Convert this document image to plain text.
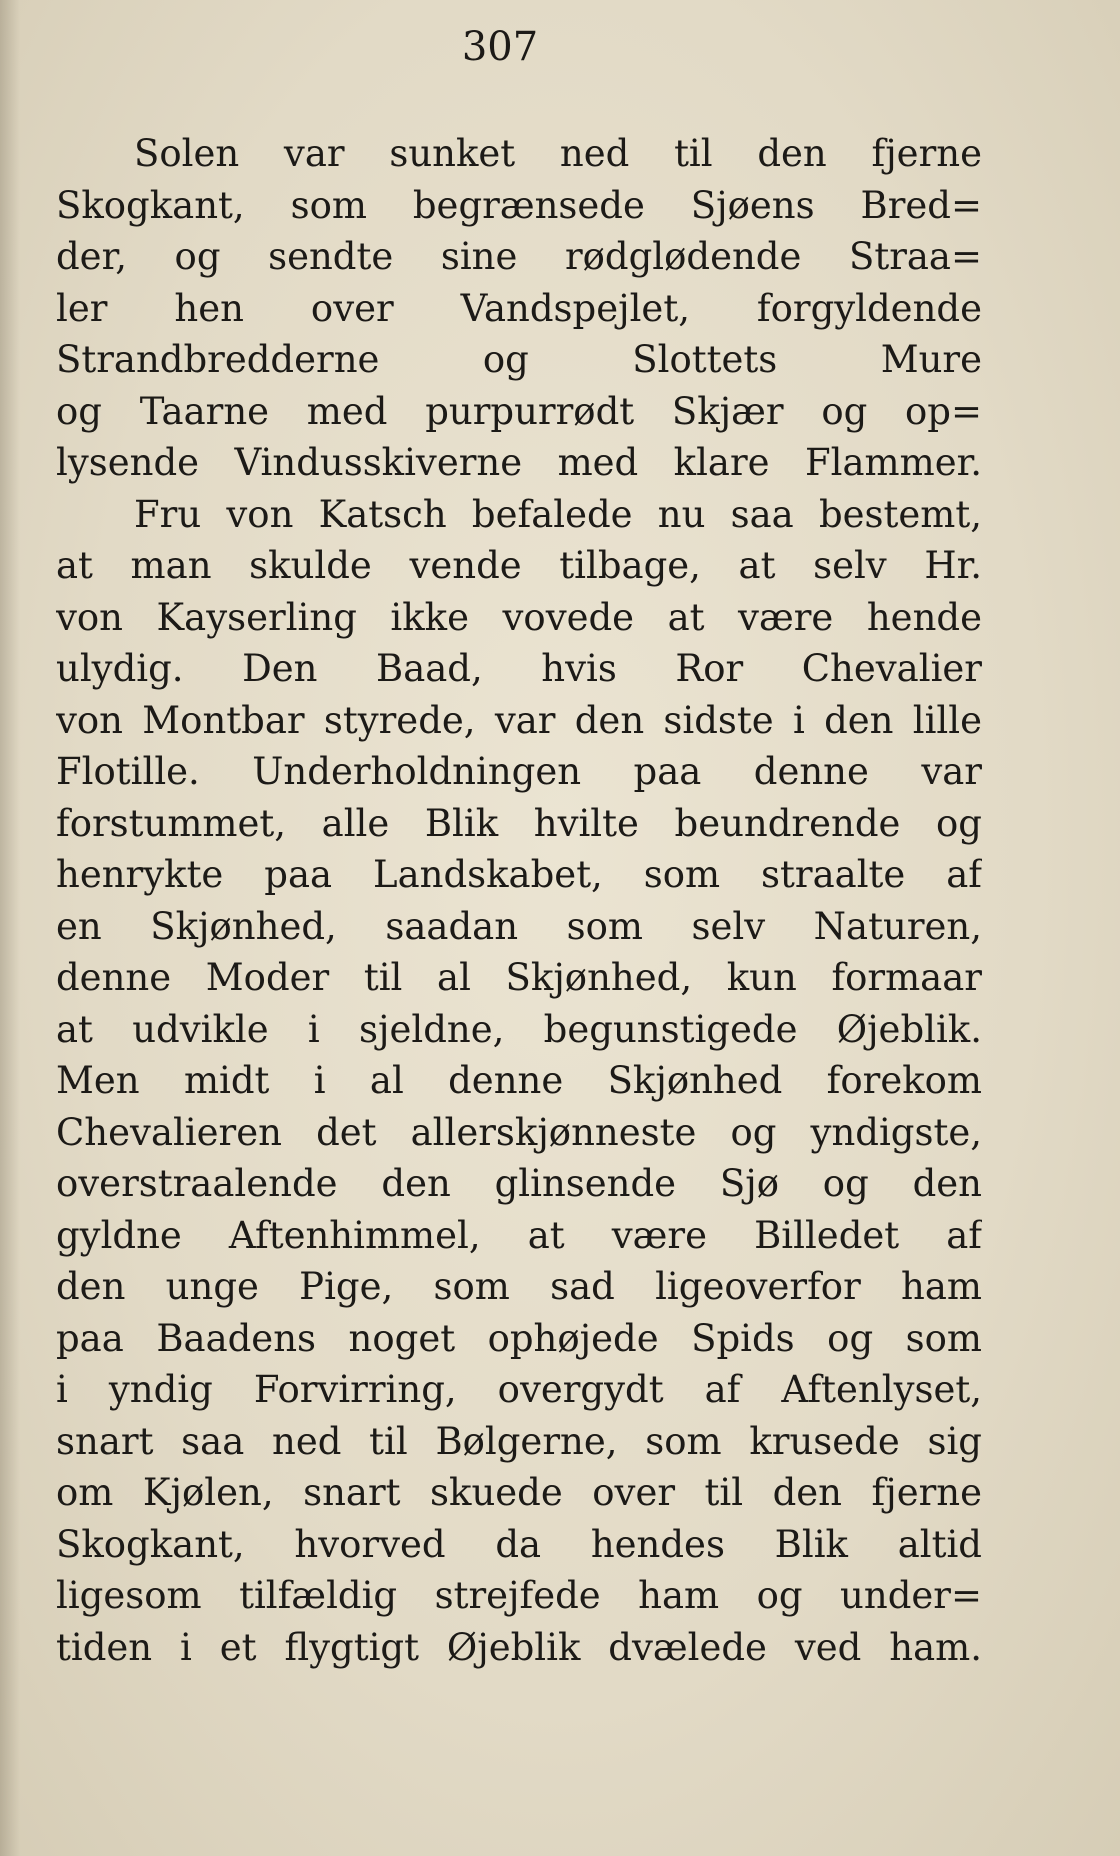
307
Solen var sunket ned til den fjerne
Skogkant, som begrænsede Sjøens Bred=
der, og sendte sine rødglødende Straa=
ler hen over Vandspejlet, forgyldende
Strandbredderne og Slottets Mure
og Taarne med purpurrødt Skjær og op=
lysende Vindusskiverne med klare Flammer.
Fru von Katsch befalede nu saa bestemt,
at man skulde vende tilbage, at selv Hr.
von Kayserling ikke vovede at være hende
ulydig. Den Baad, hvis Ror Chevalier
von Montbar styrede, var den sidste i den lille
Flotille. Underholdningen paa denne var
forstummet, alle Blik hvilte beundrende og
henrykte paa Landskabet, som straalte af
en Skjønhed, saadan som selv Naturen,
denne Moder til al Skjønhed, kun formaar
at udvikle i sjeldne, begunstigede Øjeblik.
Men midt i al denne Skjønhed forekom
Chevalieren det allerskjønneste og yndigste,
overstraalende den glinsende Sjø og den
gyldne Aftenhimmel, at være Billedet af
den unge Pige, som sad ligeoverfor ham
paa Baadens noget ophøjede Spids og som
i yndig Forvirring, overgydt af Aftenlyset,
snart saa ned til Bølgerne, som krusede sig
om Kjølen, snart skuede over til den fjerne
Skogkant, hvorved da hendes Blik altid
ligesom tilfældig strejfede ham og under=
tiden i et flygtigt Øjeblik dvælede ved ham.
